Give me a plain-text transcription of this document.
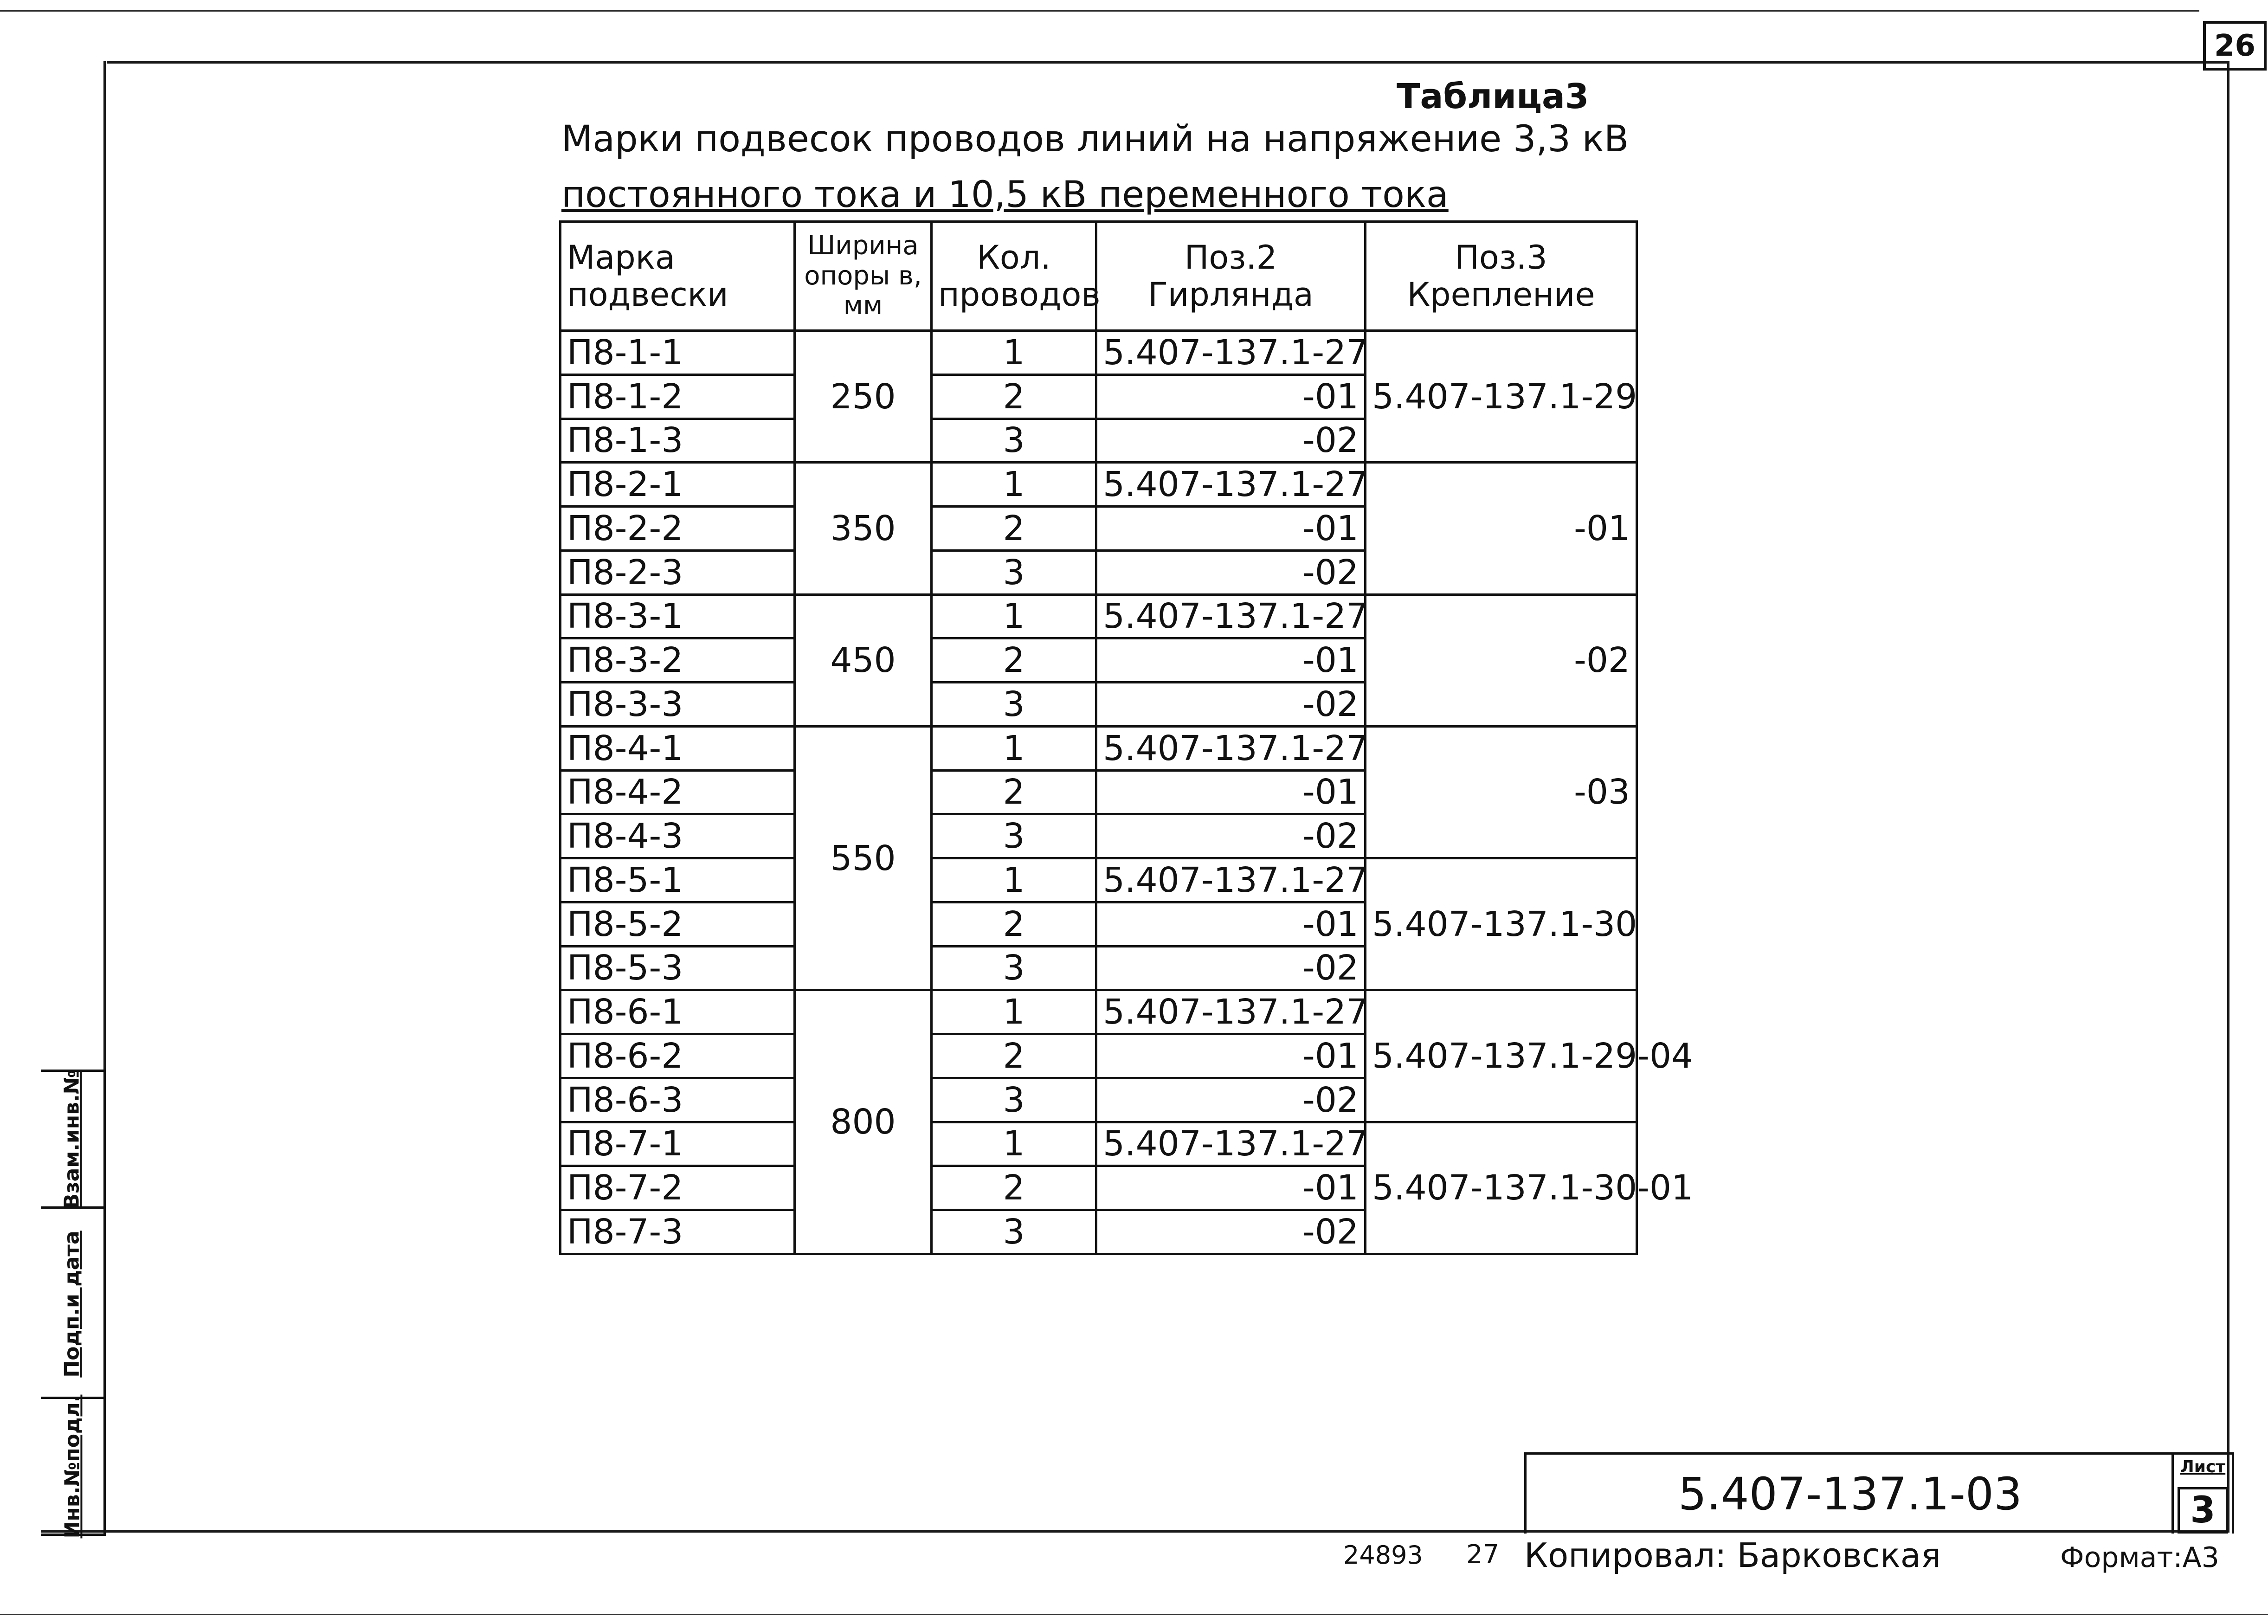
26
Таблица3
Марки подвесок проводов линий на напряжение 3,3 кВ
постоянного тока и 10,5 кВ переменного тока
Марка подвески	Ширина опоры в, мм	Кол. проводов	Поз.2 Гирлянда	Поз.3 Крепление
П8-1-1	250	1	5.407-137.1-27	5.407-137.1-29
П8-1-2		2	-01	
П8-1-3		3	-02	
П8-2-1	350	1	5.407-137.1-27	-01
П8-2-2		2	-01	
П8-2-3		3	-02	
П8-3-1	450	1	5.407-137.1-27	-02
П8-3-2		2	-01	
П8-3-3		3	-02	
П8-4-1	550	1	5.407-137.1-27	-03
П8-4-2		2	-01	
П8-4-3		3	-02	
П8-5-1		1	5.407-137.1-27	5.407-137.1-30
П8-5-2		2	-01	
П8-5-3		3	-02	
П8-6-1	800	1	5.407-137.1-27	5.407-137.1-29-04
П8-6-2		2	-01	
П8-6-3		3	-02	
П8-7-1		1	5.407-137.1-27	5.407-137.1-30-01
П8-7-2		2	-01	
П8-7-3		3	-02	
Взам.инв.№
Подп.и дата
Инв.№подл.	5.407-137.1-03
Лист
3
24893 27 Копировал: Барковская	Формат:А3
